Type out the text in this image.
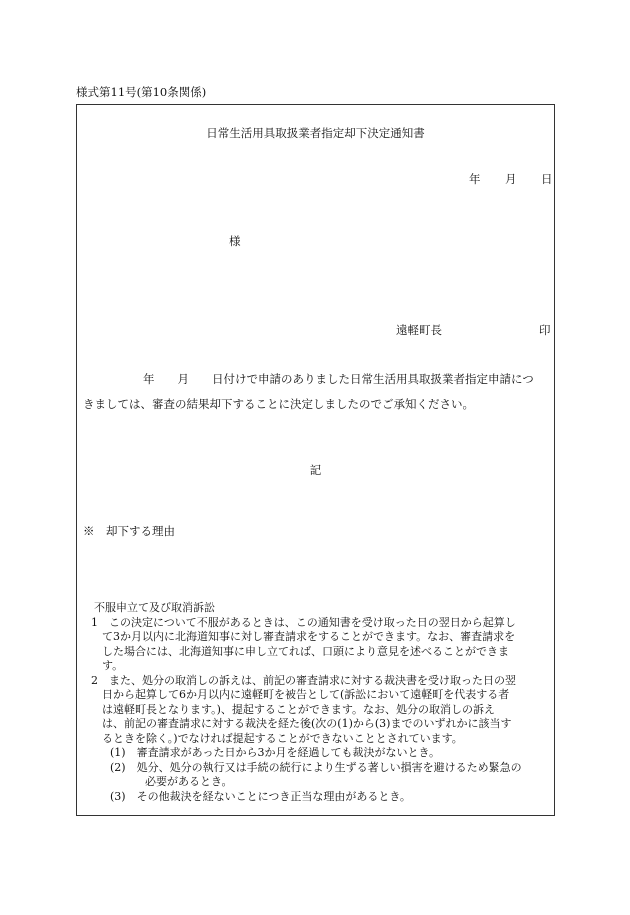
様式第11号(第10条関係)
日常生活用具取扱業者指定却下決定通知書
年 月 日
様
遠軽町長	印
年　　月　　日付けで申請のありました日常生活用具取扱業者指定申請につ
きましては、審査の結果却下することに決定しましたのでご承知ください。
記
※　却下する理由
不服申立て及び取消訴訟
1　この決定について不服があるときは、この通知書を受け取った日の翌日から起算し
て3か月以内に北海道知事に対し審査請求をすることができます。なお、審査請求を
した場合には、北海道知事に申し立てれば、口頭により意見を述べることができま
す。
2　また、処分の取消しの訴えは、前記の審査請求に対する裁決書を受け取った日の翌
日から起算して6か月以内に遠軽町を被告として(訴訟において遠軽町を代表する者
は遠軽町長となります。)、提起することができます。なお、処分の取消しの訴え
は、前記の審査請求に対する裁決を経た後(次の(1)から(3)までのいずれかに該当す
るときを除く。)でなければ提起することができないこととされています。
(1)　審査請求があった日から3か月を経過しても裁決がないとき。
(2)　処分、処分の執行又は手続の続行により生ずる著しい損害を避けるため緊急の
必要があるとき。
(3)　その他裁決を経ないことにつき正当な理由があるとき。
